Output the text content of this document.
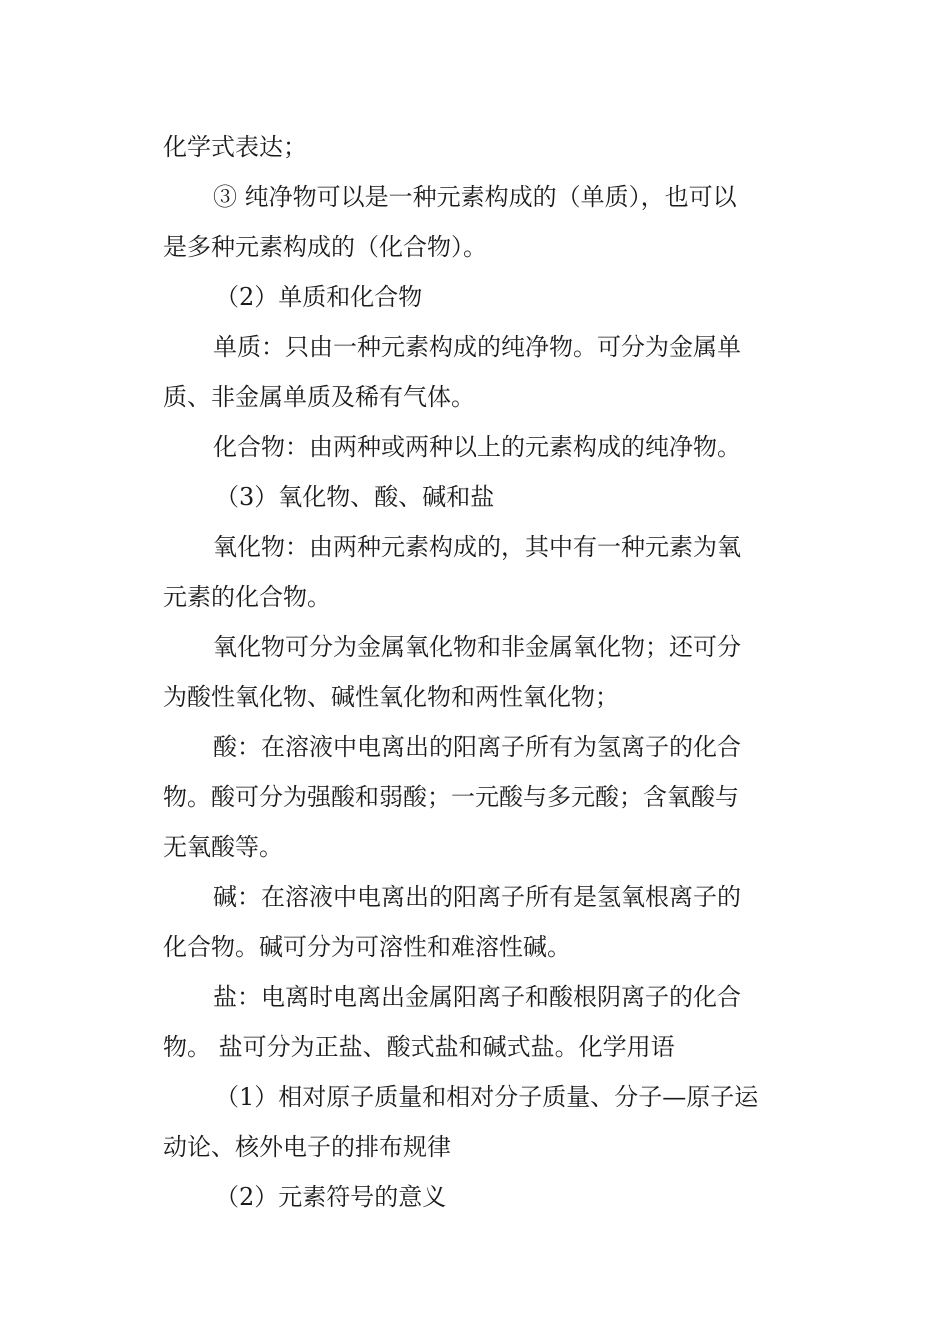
化学式表达；
③ 纯净物可以是一种元素构成的（单质），也可以
是多种元素构成的（化合物）。
（2）单质和化合物
单质：只由一种元素构成的纯净物。可分为金属单
质、非金属单质及稀有气体。
化合物：由两种或两种以上的元素构成的纯净物。
（3）氧化物、酸、碱和盐
氧化物：由两种元素构成的，其中有一种元素为氧
元素的化合物。
氧化物可分为金属氧化物和非金属氧化物；还可分
为酸性氧化物、碱性氧化物和两性氧化物；
酸：在溶液中电离出的阳离子所有为氢离子的化合
物。酸可分为强酸和弱酸；一元酸与多元酸；含氧酸与
无氧酸等。
碱：在溶液中电离出的阳离子所有是氢氧根离子的
化合物。碱可分为可溶性和难溶性碱。
盐：电离时电离出金属阳离子和酸根阴离子的化合
物。 盐可分为正盐、酸式盐和碱式盐。化学用语
（1）相对原子质量和相对分子质量、分子—原子运
动论、核外电子的排布规律
（2）元素符号的意义
